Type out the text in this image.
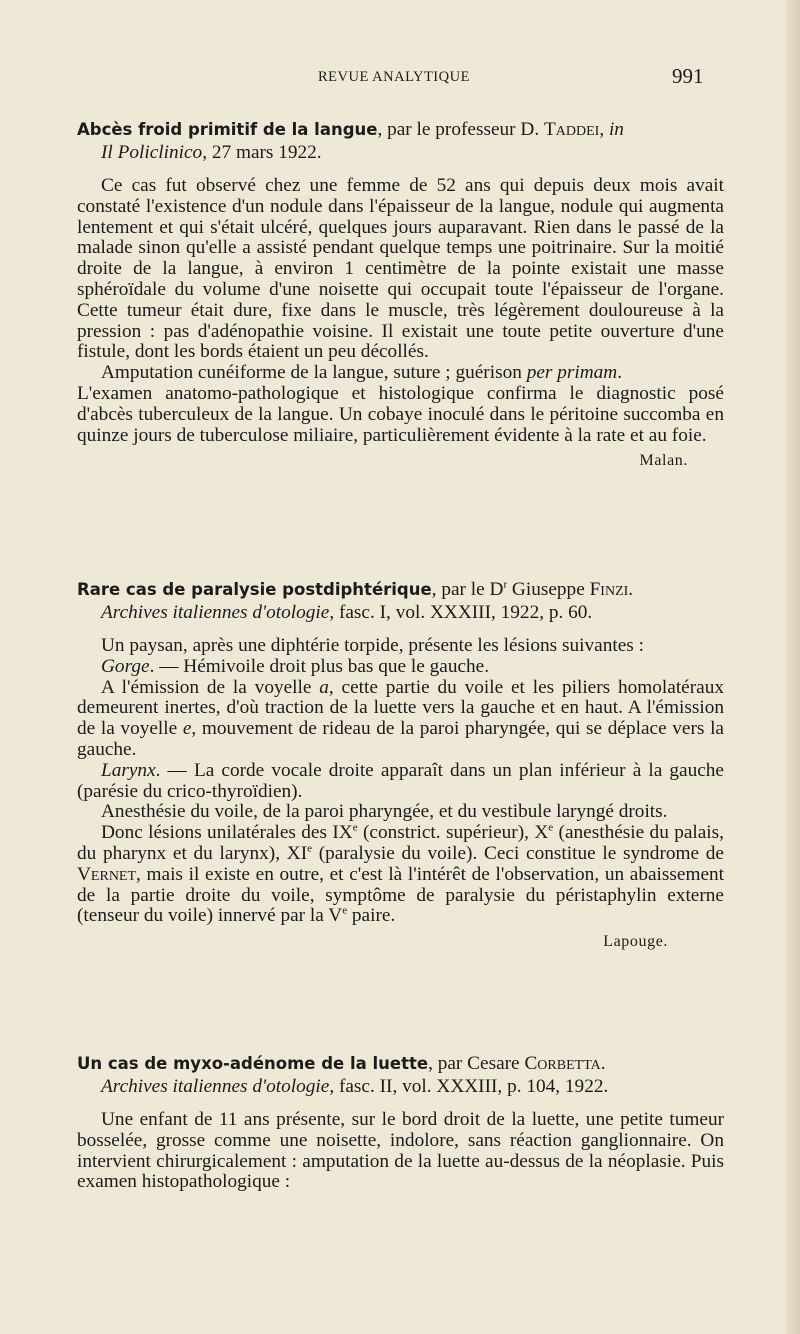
REVUE ANALYTIQUE	991

Abcès froid primitif de la langue, par le professeur D. Taddei, in

Il Policlinico, 27 mars 1922.

Ce cas fut observé chez une femme de 52 ans qui depuis deux mois avait constaté l'existence d'un nodule dans l'épaisseur de la langue, nodule qui augmenta lentement et qui s'était ulcéré, quelques jours auparavant. Rien dans le passé de la malade sinon qu'elle a assisté pendant quelque temps une poitrinaire. Sur la moitié droite de la langue, à environ 1 centimètre de la pointe existait une masse sphéroïdale du volume d'une noisette qui occupait toute l'épaisseur de l'organe. Cette tumeur était dure, fixe dans le muscle, très légèrement douloureuse à la pression : pas d'adénopathie voisine. Il existait une toute petite ouverture d'une fistule, dont les bords étaient un peu décollés.

Amputation cunéiforme de la langue, suture ; guérison per primam.

L'examen anatomo-pathologique et histologique confirma le diagnostic posé d'abcès tuberculeux de la langue. Un cobaye inoculé dans le péritoine succomba en quinze jours de tuberculose miliaire, particulièrement évidente à la rate et au foie.

Malan.

Rare cas de paralysie postdiphtérique, par le $D^r$ Giuseppe Finzi.

Archives italiennes d'otologie, fasc. I, vol. XXXIII, 1922, p. 60.

Un paysan, après une diphtérie torpide, présente les lésions suivantes :

Gorge. — Hémivoile droit plus bas que le gauche.

A l'émission de la voyelle a, cette partie du voile et les piliers homolatéraux demeurent inertes, d'où traction de la luette vers la gauche et en haut. A l'émission de la voyelle e, mouvement de rideau de la paroi pharyngée, qui se déplace vers la gauche.

Larynx. — La corde vocale droite apparaît dans un plan inférieur à la gauche (parésie du crico-thyroïdien).

Anesthésie du voile, de la paroi pharyngée, et du vestibule laryngé droits.

Donc lésions unilatérales des IXe (constrict. supérieur), Xe (anesthésie du palais, du pharynx et du larynx), XIe (paralysie du voile). Ceci constitue le syndrome de Vernet, mais il existe en outre, et c'est là l'intérêt de l'observation, un abaissement de la partie droite du voile, symptôme de paralysie du péristaphylin externe (tenseur du voile) innervé par la Ve paire.

Lapouge.

Un cas de myxo-adénome de la luette, par Cesare Corbetta.

Archives italiennes d'otologie, fasc. II, vol. XXXIII, p. 104, 1922.

Une enfant de 11 ans présente, sur le bord droit de la luette, une petite tumeur bosselée, grosse comme une noisette, indolore, sans réaction ganglionnaire. On intervient chirurgicalement : amputation de la luette au-dessus de la néoplasie. Puis examen histopathologique :
